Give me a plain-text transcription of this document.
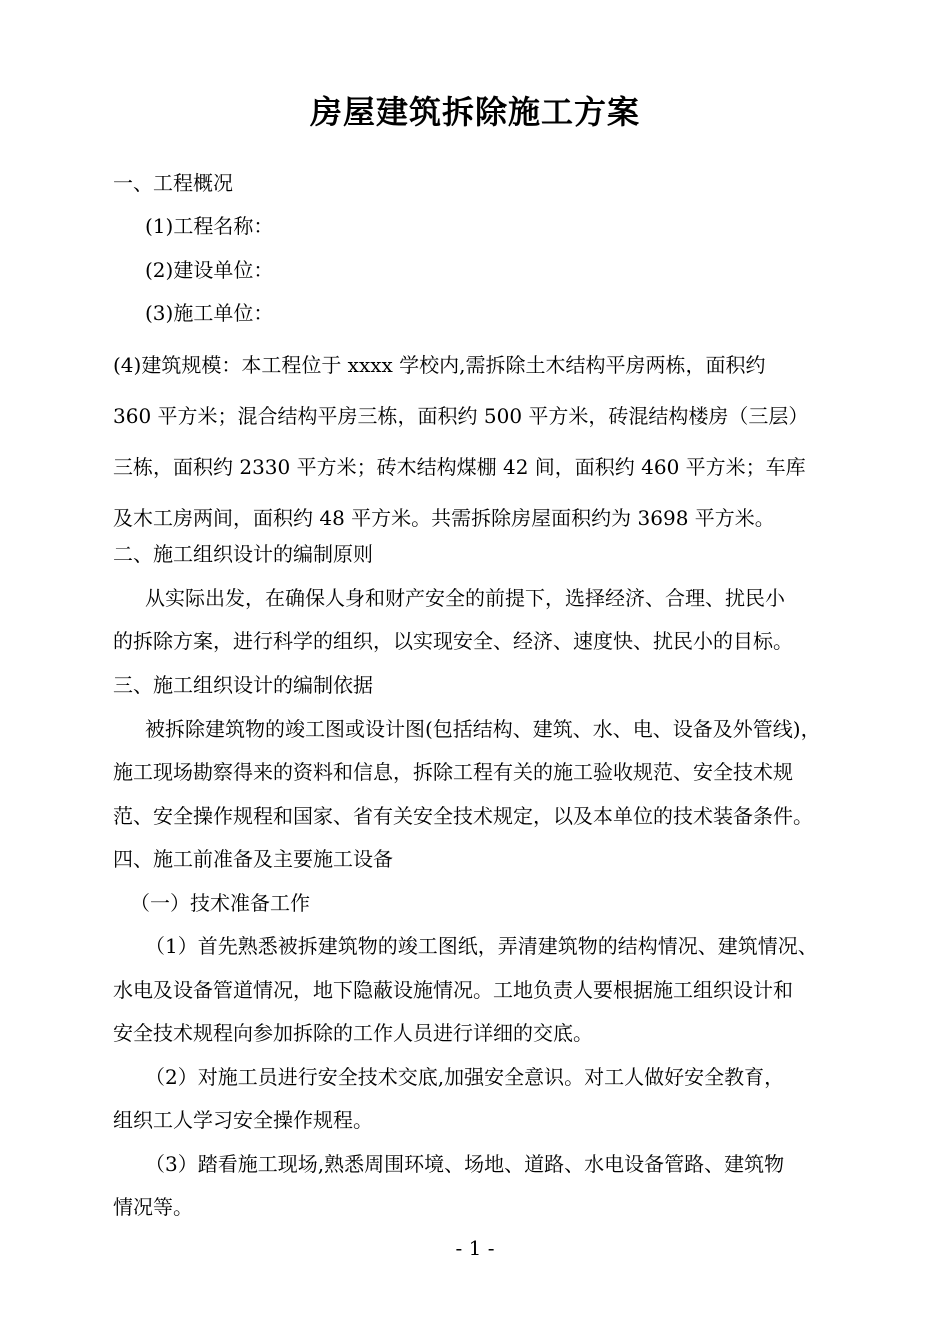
房屋建筑拆除施工方案
一、工程概况
(1)工程名称：
(2)建设单位：
(3)施工单位：
(4)建筑规模：本工程位于 xxxx 学校内,需拆除土木结构平房两栋，面积约
360 平方米；混合结构平房三栋，面积约 500 平方米，砖混结构楼房（三层）
三栋，面积约 2330 平方米；砖木结构煤棚 42 间，面积约 460 平方米；车库
及木工房两间，面积约 48 平方米。共需拆除房屋面积约为 3698 平方米。
二、施工组织设计的编制原则
从实际出发，在确保人身和财产安全的前提下，选择经济、合理、扰民小
的拆除方案，进行科学的组织，以实现安全、经济、速度快、扰民小的目标。
三、施工组织设计的编制依据
被拆除建筑物的竣工图或设计图(包括结构、建筑、水、电、设备及外管线)，
施工现场勘察得来的资料和信息，拆除工程有关的施工验收规范、安全技术规
范、安全操作规程和国家、省有关安全技术规定，以及本单位的技术装备条件。
四、施工前准备及主要施工设备
（一）技术准备工作
（1）首先熟悉被拆建筑物的竣工图纸，弄清建筑物的结构情况、建筑情况、
水电及设备管道情况，地下隐蔽设施情况。工地负责人要根据施工组织设计和
安全技术规程向参加拆除的工作人员进行详细的交底。
（2）对施工员进行安全技术交底,加强安全意识。对工人做好安全教育，
组织工人学习安全操作规程。
（3）踏看施工现场,熟悉周围环境、场地、道路、水电设备管路、建筑物
情况等。
- 1 -
